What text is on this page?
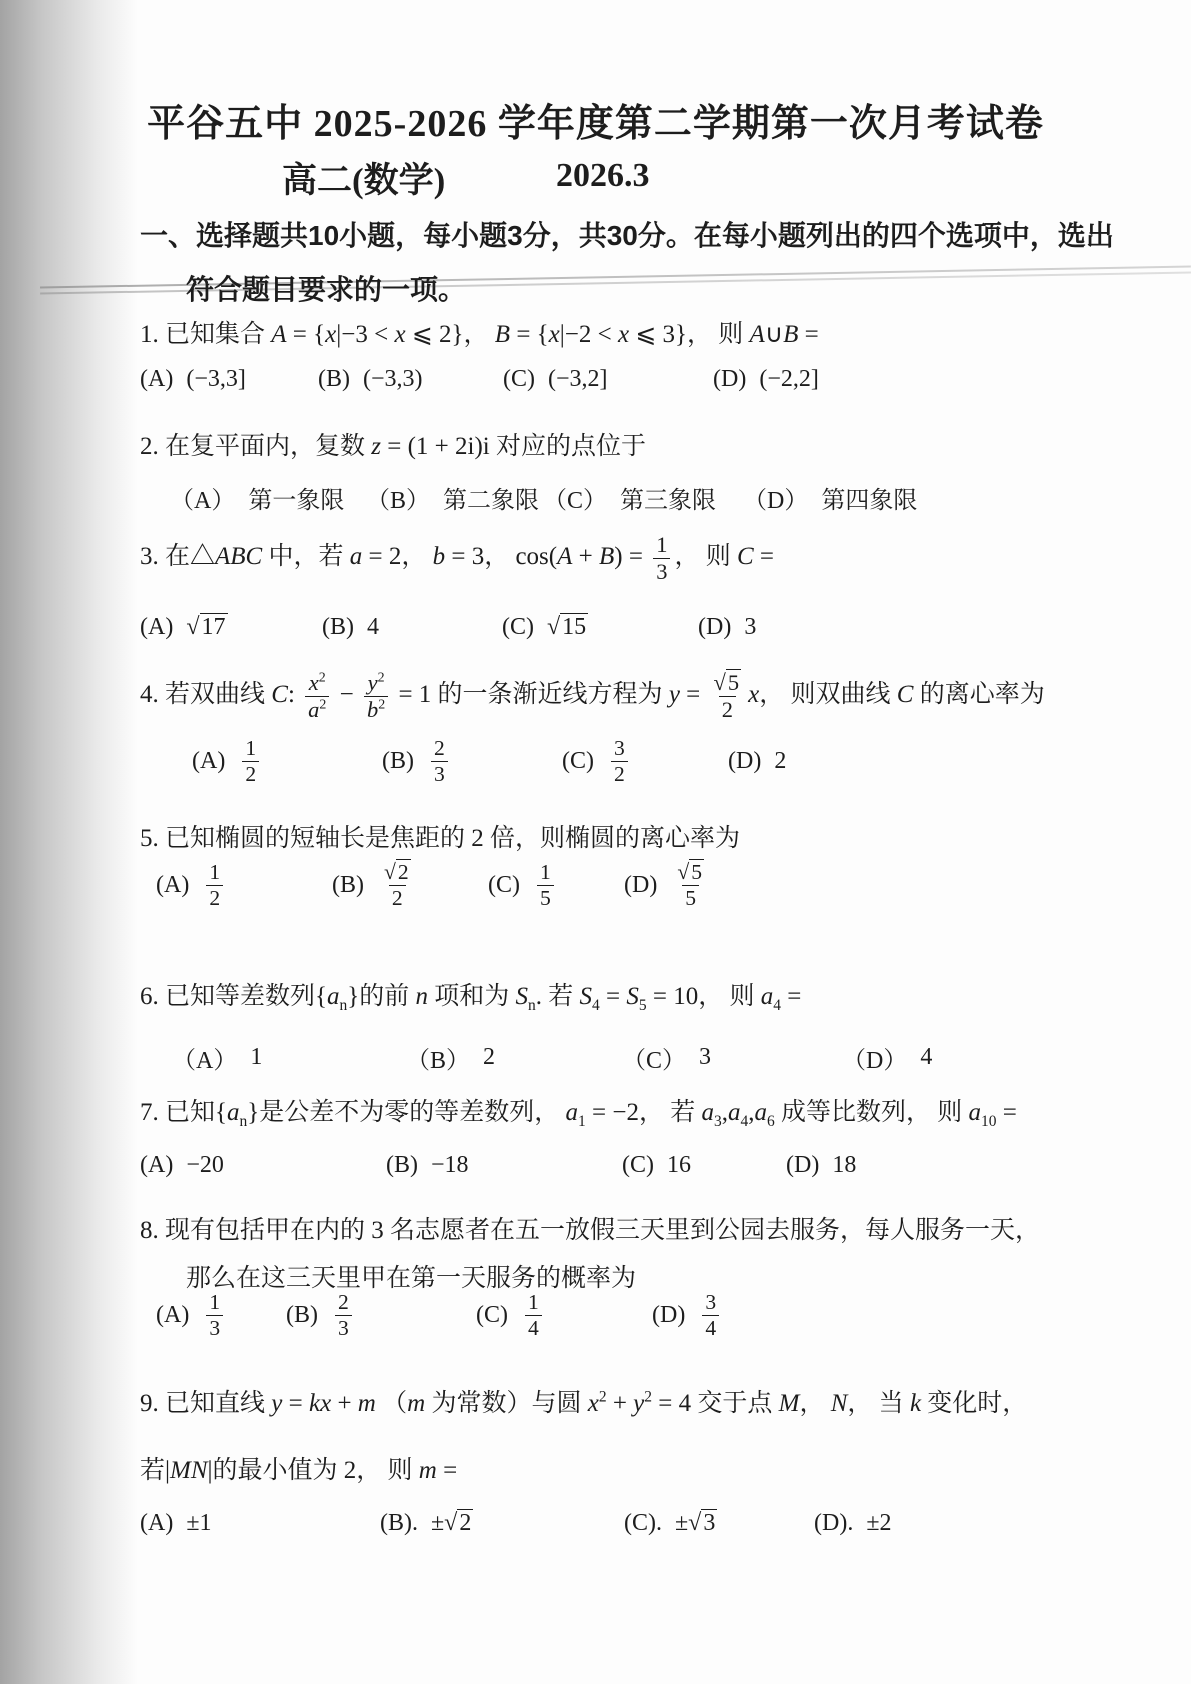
平谷五中 2025-2026 学年度第二学期第一次月考试卷
高二(数学)	2026.3
一、选择题共10小题，每小题3分，共30分。在每小题列出的四个选项中，选出
符合题目要求的一项。
1. 已知集合 A = {x|−3 < x ⩽ 2}， B = {x|−2 < x ⩽ 3}， 则 A∪B =
(A) (−3,3]	(B) (−3,3)	(C) (−3,2]	(D) (−2,2]
2. 在复平面内，复数 z = (1 + 2i)i 对应的点位于
（A） 第一象限 （B） 第二象限 （C） 第三象限 （D） 第四象限
3. 在△ABC 中，若 a = 2， b = 3， $\cos(A + B) = \frac{1}{3}$ ， 则 C =
(A) √17	(B) 4	(C) √15	(D) 3
4. 若双曲线 C: $\frac{x^2}{a^2} - \frac{y^2}{b^2} = 1$ 的一条渐近线方程为 $y = \frac{√5}{2}$ x， 则双曲线 C 的离心率为
$(A) \frac{1}{2}$	$(B) \frac{2}{3}$	$(C) \frac{3}{2}$	(D) 2
5. 已知椭圆的短轴长是焦距的 2 倍，则椭圆的离心率为
$(A) \frac{1}{2}$	$(B) \frac{√2}{2}$	$(C) \frac{1}{5}$	$(D) \frac{√5}{5}$
6. 已知等差数列$\{a_n\}$的前 n 项和为 $S_n$. 若 $S_4 = S_5 = 10$， 则 $a_4$ =
（A） 1	（B） 2	（C） 3	（D） 4
7. 已知$\{a_n\}$是公差不为零的等差数列， $a_1 = -2$， 若 $a_3,a_4,a_6$ 成等比数列， 则 $a_{10}$ =
(A) −20	(B) −18	(C) 16	(D) 18
8. 现有包括甲在内的 3 名志愿者在五一放假三天里到公园去服务，每人服务一天，
那么在这三天里甲在第一天服务的概率为
$(A) \frac{1}{3}$	$(B) \frac{2}{3}$	$(C) \frac{1}{4}$	$(D) \frac{3}{4}$
9. 已知直线 y = kx + m （m 为常数）与圆 $x^2 + y^2 = 4$ 交于点 M， N， 当 k 变化时，
若|MN|的最小值为 2， 则 m =
(A) ±1	(B). ±√2	(C). ±√3	(D). ±2
